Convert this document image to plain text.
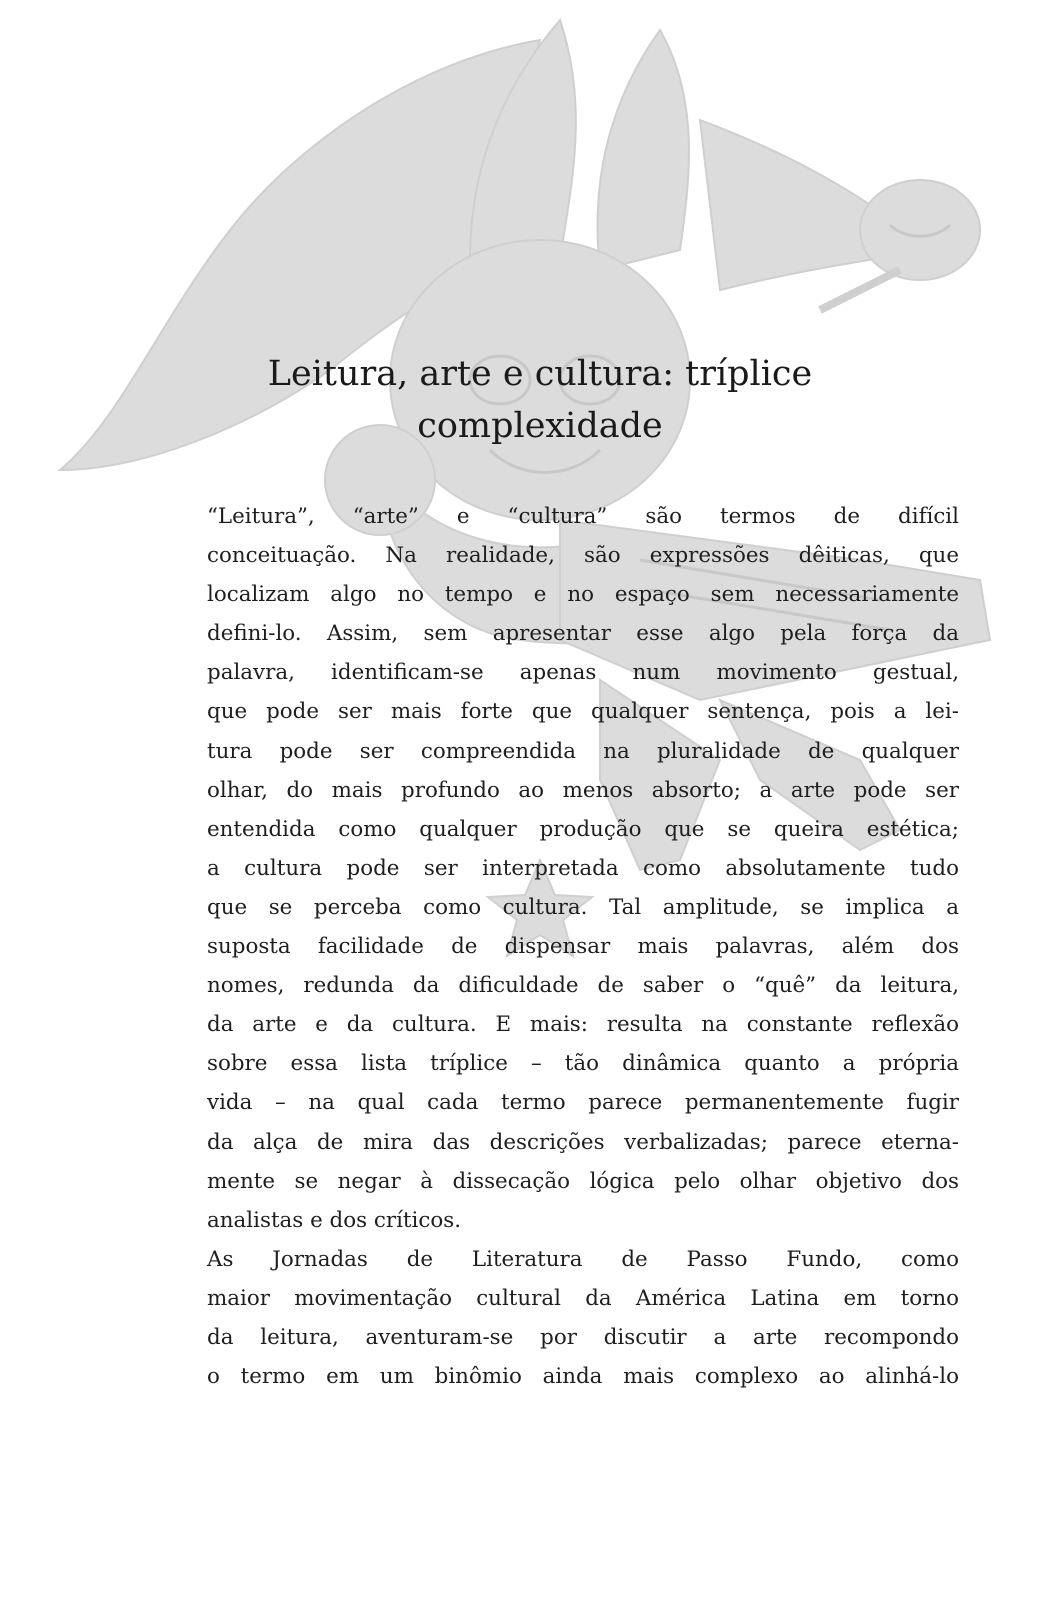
Leitura, arte e cultura: tríplice
complexidade

“Leitura”, “arte” e “cultura” são termos de difícil
conceituação. Na realidade, são expressões dêiticas, que
localizam algo no tempo e no espaço sem necessariamente
defini-lo. Assim, sem apresentar esse algo pela força da
palavra, identificam-se apenas num movimento gestual,
que pode ser mais forte que qualquer sentença, pois a lei-
tura pode ser compreendida na pluralidade de qualquer
olhar, do mais profundo ao menos absorto; a arte pode ser
entendida como qualquer produção que se queira estética;
a cultura pode ser interpretada como absolutamente tudo
que se perceba como cultura. Tal amplitude, se implica a
suposta facilidade de dispensar mais palavras, além dos
nomes, redunda da dificuldade de saber o “quê” da leitura,
da arte e da cultura. E mais: resulta na constante reflexão
sobre essa lista tríplice – tão dinâmica quanto a própria
vida – na qual cada termo parece permanentemente fugir
da alça de mira das descrições verbalizadas; parece eterna-
mente se negar à dissecação lógica pelo olhar objetivo dos
analistas e dos críticos.

As Jornadas de Literatura de Passo Fundo, como
maior movimentação cultural da América Latina em torno
da leitura, aventuram-se por discutir a arte recompondo
o termo em um binômio ainda mais complexo ao alinhá-lo
